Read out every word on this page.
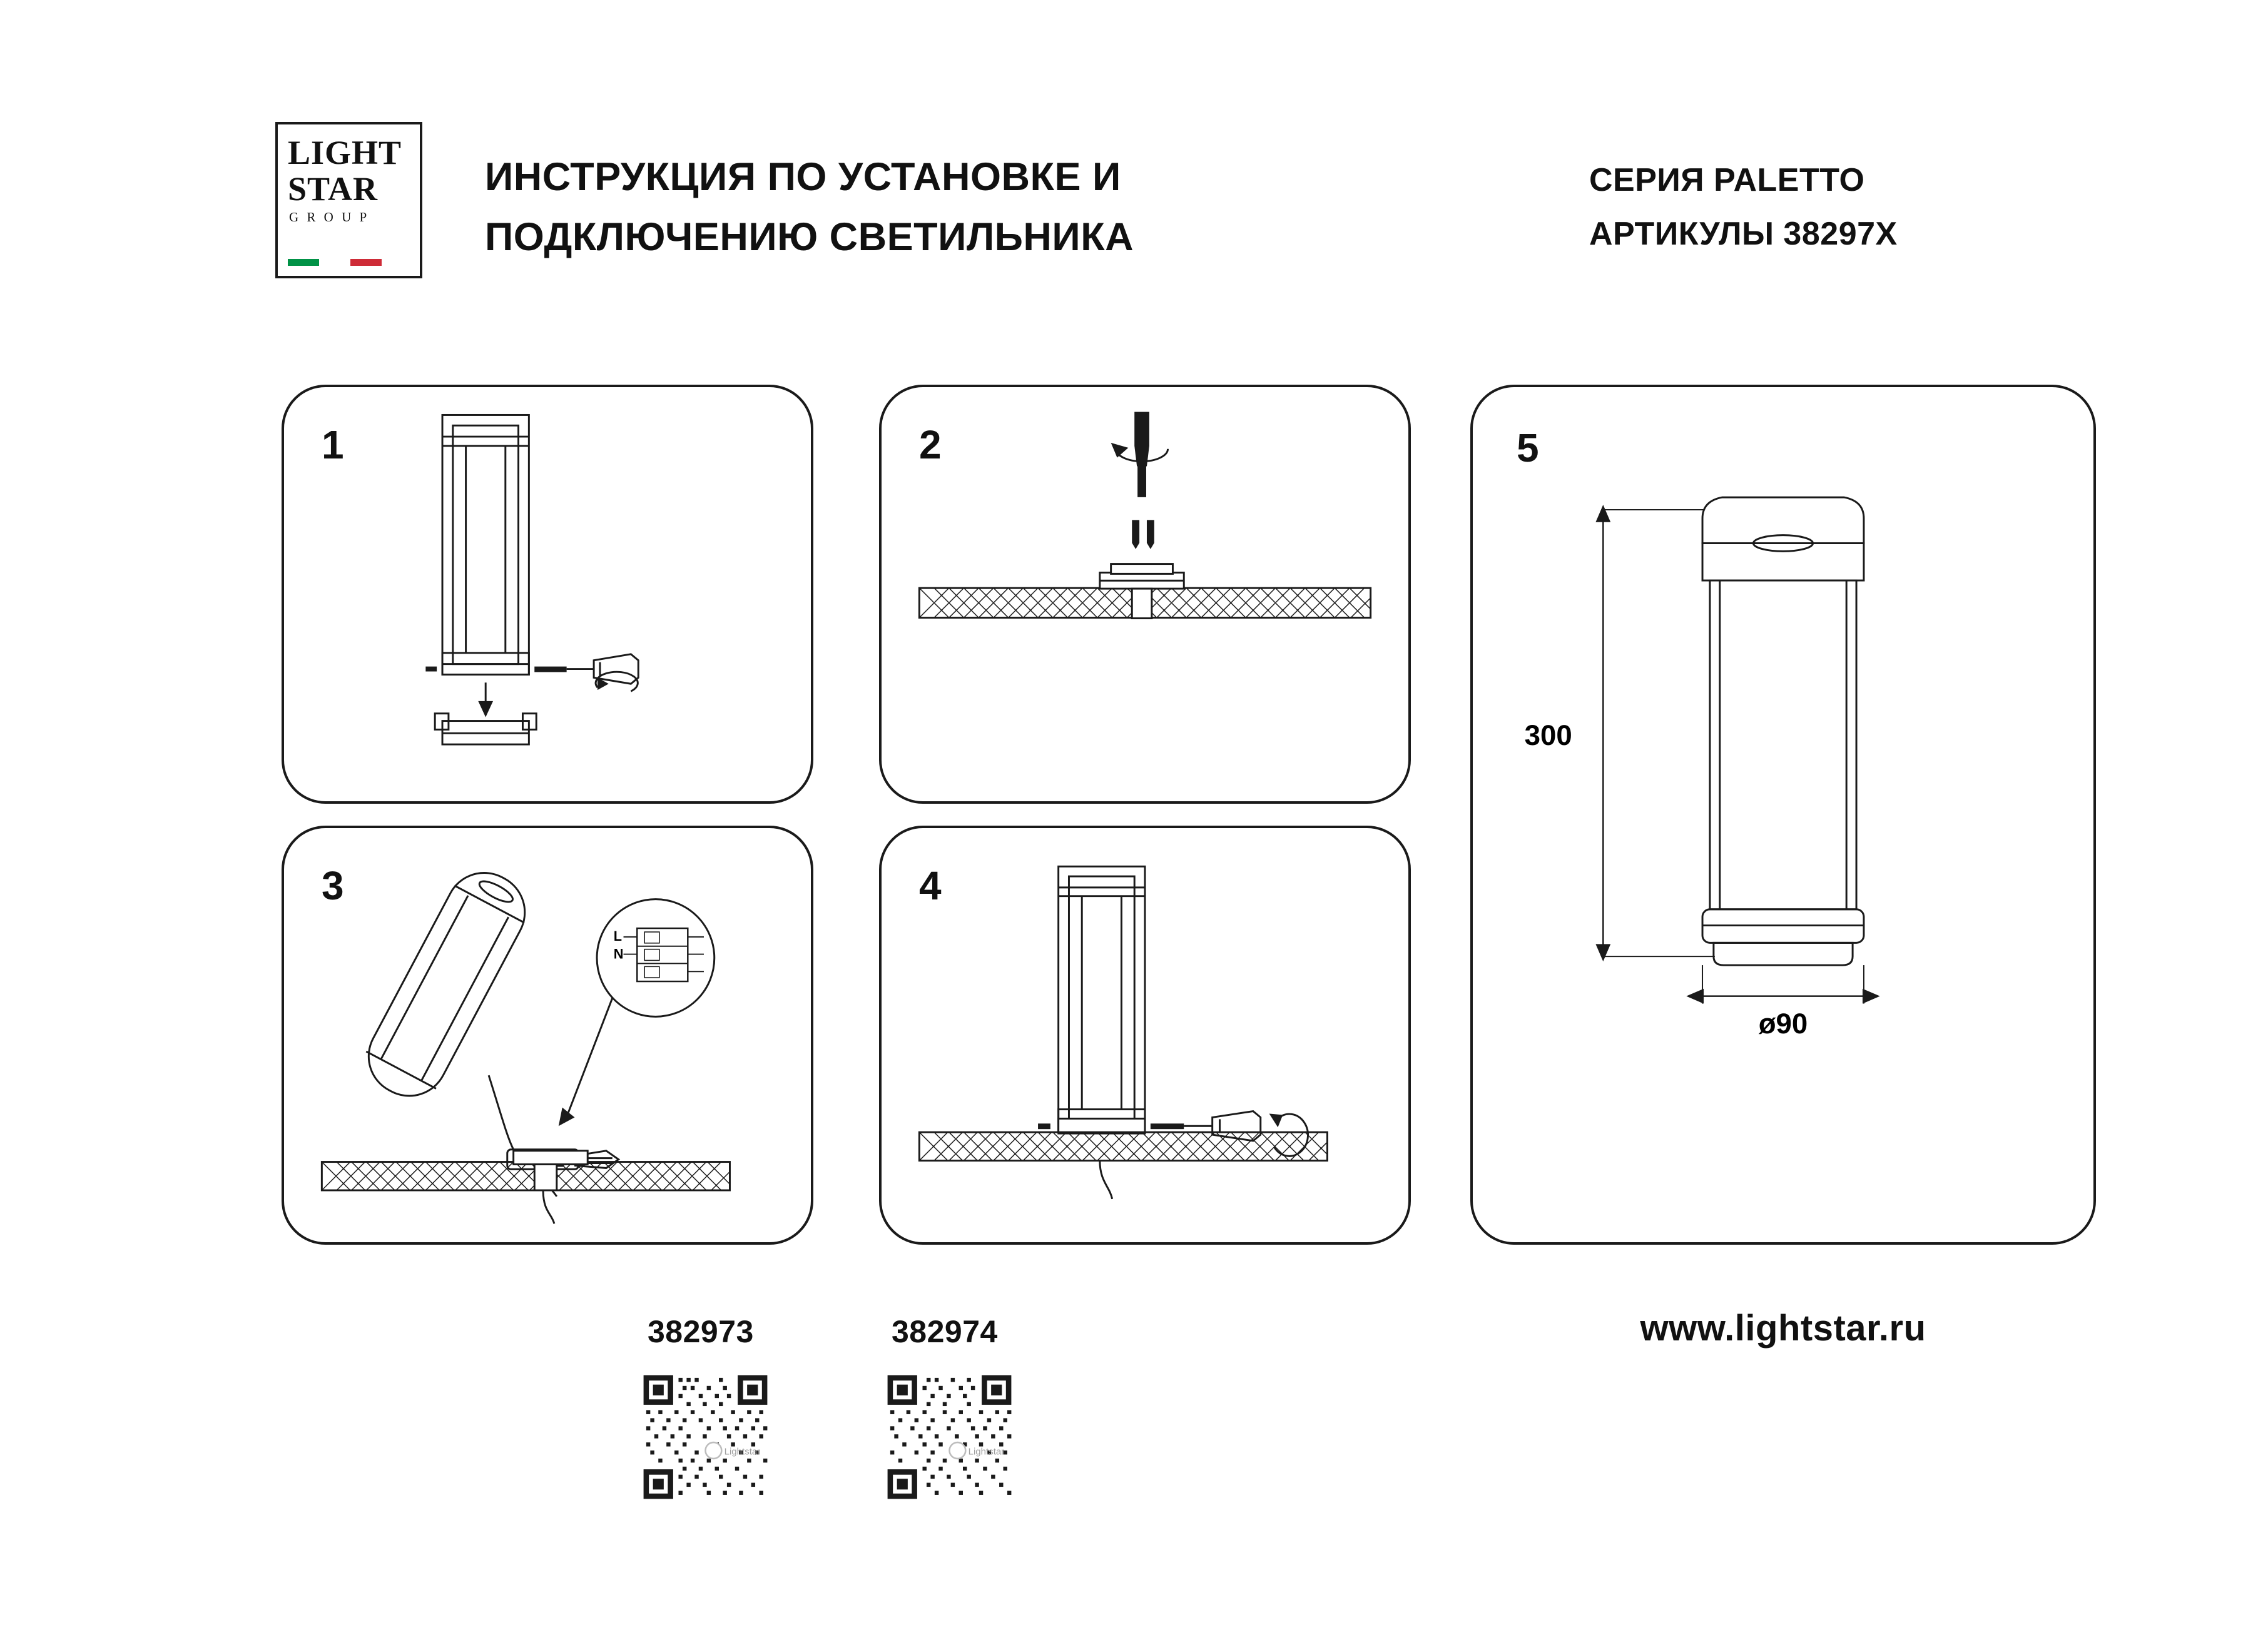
LIGHT
STAR
G R O U P
ИНСТРУКЦИЯ ПО УСТАНОВКЕ И
ПОДКЛЮЧЕНИЮ СВЕТИЛЬНИКА
СЕРИЯ PALETTO
АРТИКУЛЫ 38297X
1	2
3
L
N
4
5
300
ø90
382973	382974
Lightstar	Lightstar
www.lightstar.ru
